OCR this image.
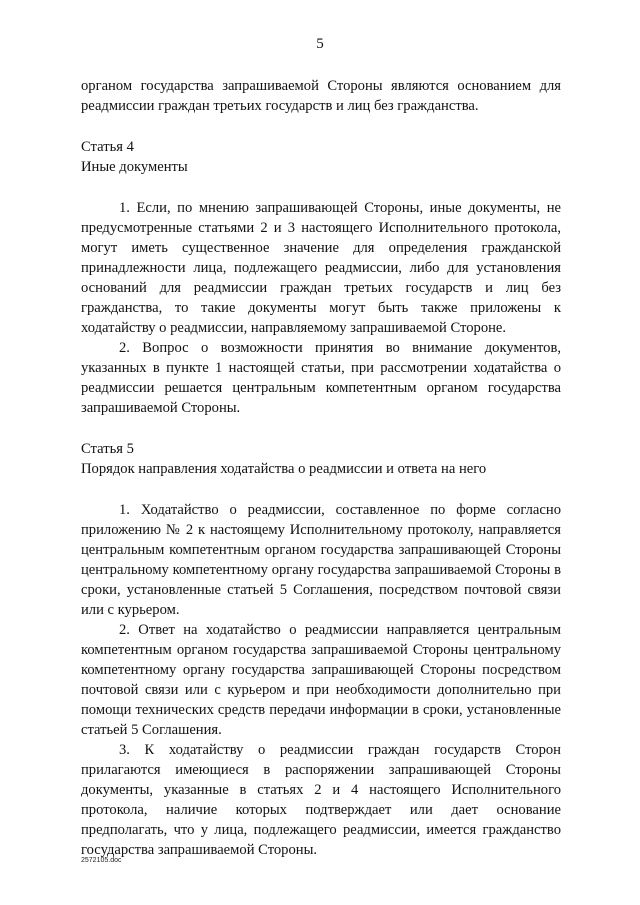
5

органом государства запрашиваемой Стороны являются основанием для реадмиссии граждан третьих государств и лиц без гражданства.

Статья 4

Иные документы

1. Если, по мнению запрашивающей Стороны, иные документы, не предусмотренные статьями 2 и 3 настоящего Исполнительного протокола, могут иметь существенное значение для определения гражданской принадлежности лица, подлежащего реадмиссии, либо для установления оснований для реадмиссии граждан третьих государств и лиц без гражданства, то такие документы могут быть также приложены к ходатайству о реадмиссии, направляемому запрашиваемой Стороне.

2. Вопрос о возможности принятия во внимание документов, указанных в пункте 1 настоящей статьи, при рассмотрении ходатайства о реадмиссии решается центральным компетентным органом государства запрашиваемой Стороны.

Статья 5

Порядок направления ходатайства о реадмиссии и ответа на него

1. Ходатайство о реадмиссии, составленное по форме согласно приложению № 2 к настоящему Исполнительному протоколу, направляется центральным компетентным органом государства запрашивающей Стороны центральному компетентному органу государства запрашиваемой Стороны в сроки, установленные статьей 5 Соглашения, посредством почтовой связи или с курьером.

2. Ответ на ходатайство о реадмиссии направляется центральным компетентным органом государства запрашиваемой Стороны центральному компетентному органу государства запрашивающей Стороны посредством почтовой связи или с курьером и при необходимости дополнительно при помощи технических средств передачи информации в сроки, установленные статьей 5 Соглашения.

3. К ходатайству о реадмиссии граждан государств Сторон прилагаются имеющиеся в распоряжении запрашивающей Стороны документы, указанные в статьях 2 и 4 настоящего Исполнительного протокола, наличие которых подтверждает или дает основание предполагать, что у лица, подлежащего реадмиссии, имеется гражданство государства запрашиваемой Стороны.

2572105.doc
